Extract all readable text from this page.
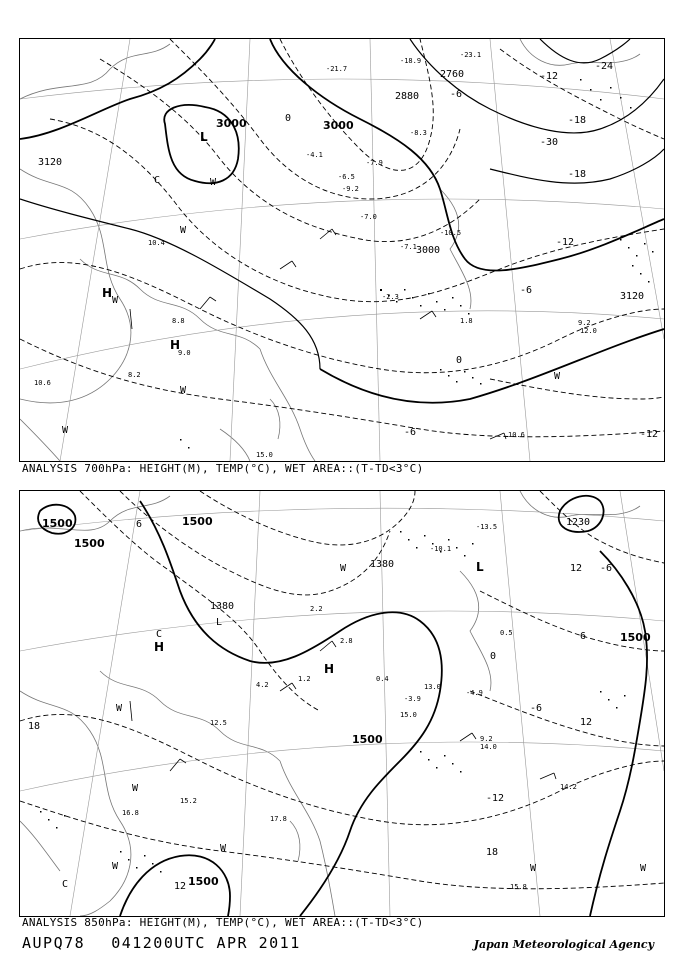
3000	3000
2880
2760
3120
3120
3000
0
-6
-12
-18
-24
-30
-18
-12
-6
0
-6	-12
L
H
H
W
W
W
W
W
C
W
-21.7
-18.9
-23.1
-8.3
-10.5
-7.9
-7.1
10.4
8.8
9.0
10.6
-4.1
-6.5
-9.2
-7.0
-2.3
1.8
10.6
9.2
12.0
15.0
8.2
ANALYSIS 700hPa: HEIGHT(M), TEMP(°C), WET AREA::(T-TD<3°C)
1500
1500
1500
1380
1380
1500
1500
1500
1230
6
0
-6
-12
-6
6
12
18
18
12
12
L
H
H
L
C
C
W
W
W
W	W	W
W
-13.5
-10.1
0.4
2.8
9.2
14.0
15.2
16.8
14.2
15.8
17.8
12.5
0.5
-3.9
4.2
1.2
-4.9
15.0
13.0
2.2
ANALYSIS 850hPa: HEIGHT(M), TEMP(°C), WET AREA::(T-TD<3°C)
AUPQ78 041200UTC APR 2011	Japan Meteorological Agency
